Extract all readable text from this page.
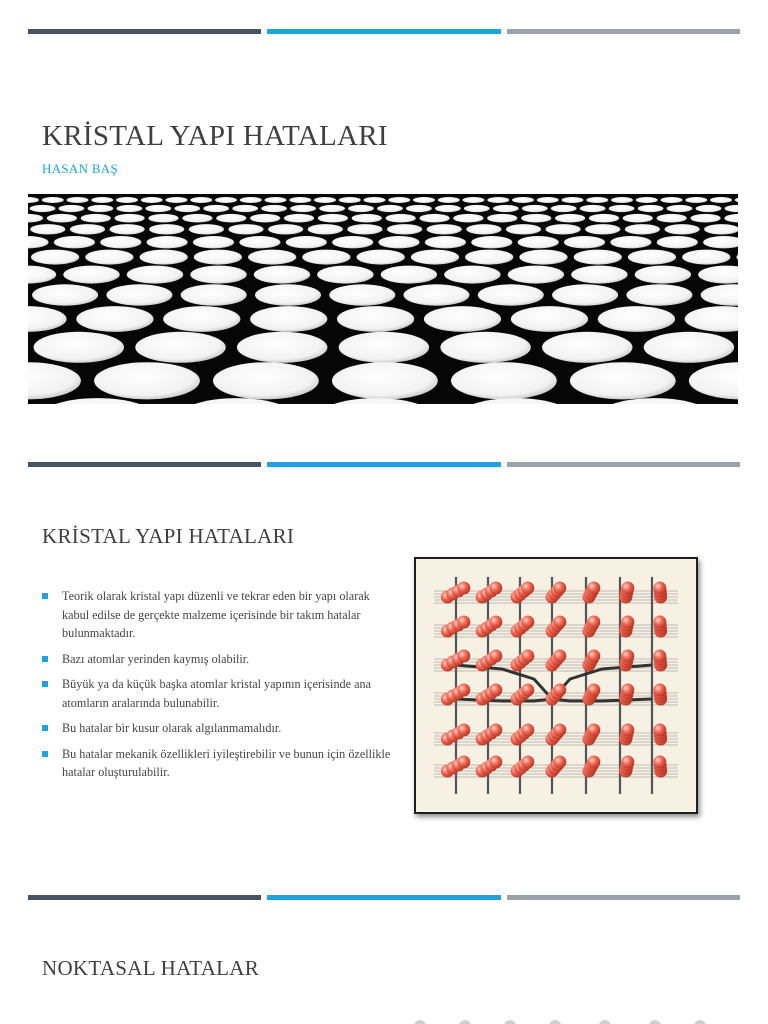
KRİSTAL YAPI HATALARI
HASAN BAŞ
KRİSTAL YAPI HATALARI
Teorik olarak kristal yapı düzenli ve tekrar eden bir yapı olarak kabul edilse de gerçekte malzeme içerisinde bir takım hatalar bulunmaktadır.
Bazı atomlar yerinden kaymış olabilir.
Büyük ya da küçük başka atomlar kristal yapının içerisinde ana atomların aralarında bulunabilir.
Bu hatalar bir kusur olarak algılanmamalıdır.
Bu hatalar mekanik özellikleri iyileştirebilir ve bunun için özellikle hatalar oluşturulabilir.
NOKTASAL HATALAR
